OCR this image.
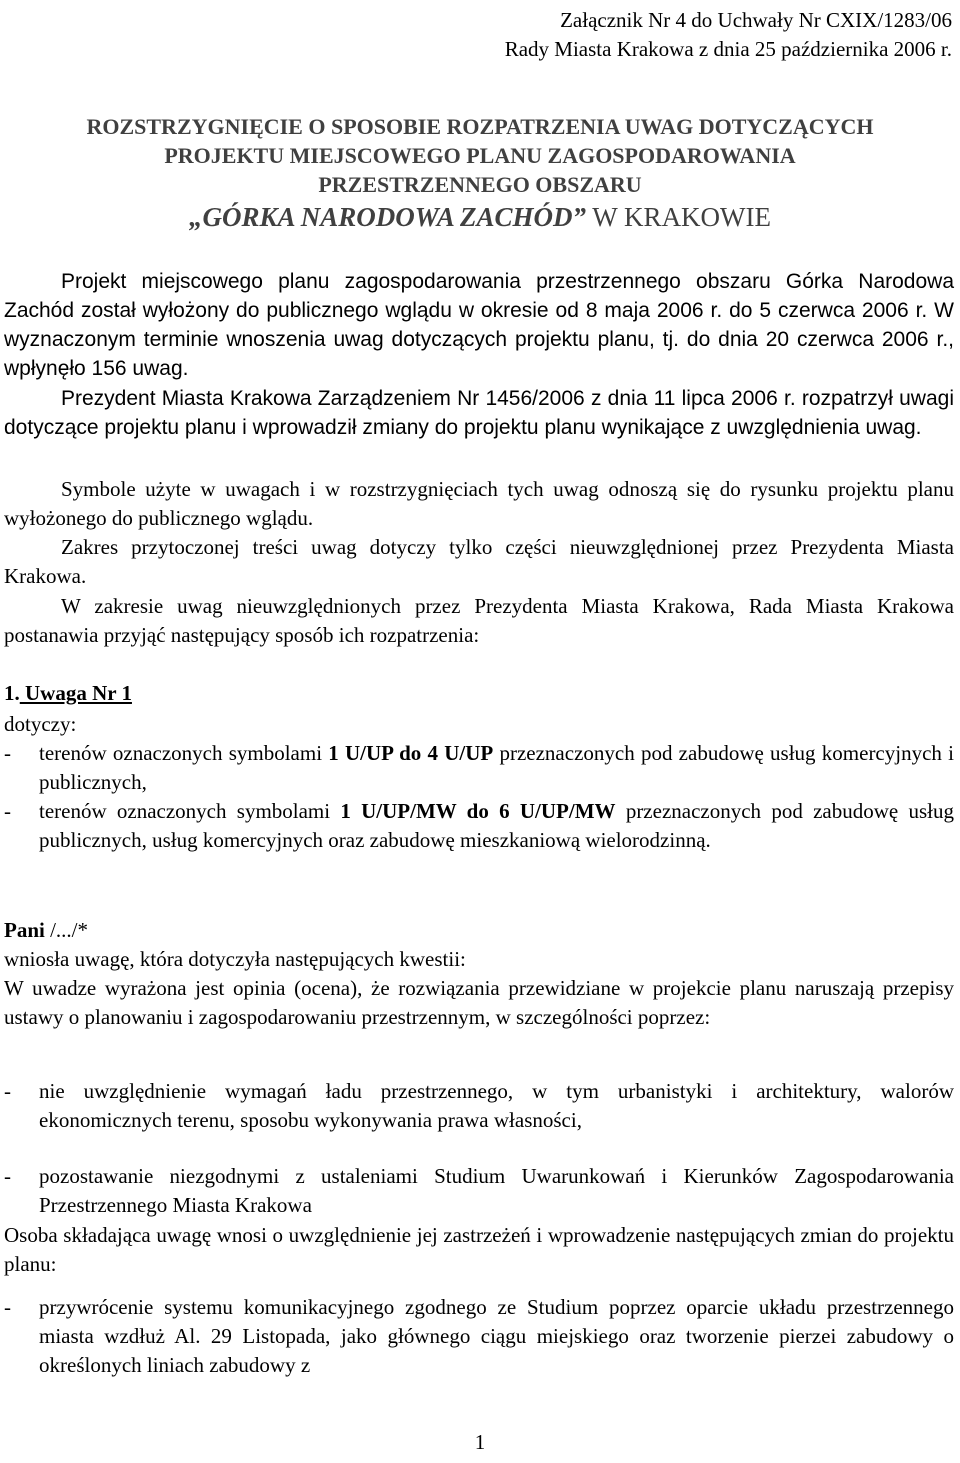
Załącznik Nr 4 do Uchwały Nr CXIX/1283/06
Rady Miasta Krakowa z dnia 25 października 2006 r.
ROZSTRZYGNIĘCIE O SPOSOBIE ROZPATRZENIA UWAG DOTYCZĄCYCH
PROJEKTU MIEJSCOWEGO PLANU ZAGOSPODAROWANIA
PRZESTRZENNEGO OBSZARU
„GÓRKA NARODOWA ZACHÓD” W KRAKOWIE
Projekt miejscowego planu zagospodarowania przestrzennego obszaru Górka Narodowa Zachód został wyłożony do publicznego wglądu w okresie od 8 maja 2006 r. do 5 czerwca 2006 r. W wyznaczonym terminie wnoszenia uwag dotyczących projektu planu, tj. do dnia 20 czerwca 2006 r., wpłynęło 156 uwag.
Prezydent Miasta Krakowa Zarządzeniem Nr 1456/2006 z dnia 11 lipca 2006 r. rozpatrzył uwagi dotyczące projektu planu i wprowadził zmiany do projektu planu wynikające z uwzględnienia uwag.
Symbole użyte w uwagach i w rozstrzygnięciach tych uwag odnoszą się do rysunku projektu planu wyłożonego do publicznego wglądu.
Zakres przytoczonej treści uwag dotyczy tylko części nieuwzględnionej przez Prezydenta Miasta Krakowa.
W zakresie uwag nieuwzględnionych przez Prezydenta Miasta Krakowa, Rada Miasta Krakowa postanawia przyjąć następujący sposób ich rozpatrzenia:
1. Uwaga Nr 1
dotyczy:
- terenów oznaczonych symbolami 1 U/UP do 4 U/UP przeznaczonych pod zabudowę usług komercyjnych i publicznych,
- terenów oznaczonych symbolami 1 U/UP/MW do 6 U/UP/MW przeznaczonych pod zabudowę usług publicznych, usług komercyjnych oraz zabudowę mieszkaniową wielorodzinną.
Pani /.../*
wniosła uwagę, która dotyczyła następujących kwestii:
W uwadze wyrażona jest opinia (ocena), że rozwiązania przewidziane w projekcie planu naruszają przepisy ustawy o planowaniu i zagospodarowaniu przestrzennym, w szczególności poprzez:
- nie uwzględnienie wymagań ładu przestrzennego, w tym urbanistyki i architektury, walorów ekonomicznych terenu, sposobu wykonywania prawa własności,
- pozostawanie niezgodnymi z ustaleniami Studium Uwarunkowań i Kierunków Zagospodarowania Przestrzennego Miasta Krakowa
Osoba składająca uwagę wnosi o uwzględnienie jej zastrzeżeń i wprowadzenie następujących zmian do projektu planu:
- przywrócenie systemu komunikacyjnego zgodnego ze Studium poprzez oparcie układu przestrzennego miasta wzdłuż Al. 29 Listopada, jako głównego ciągu miejskiego oraz tworzenie pierzei zabudowy o określonych liniach zabudowy z
1
